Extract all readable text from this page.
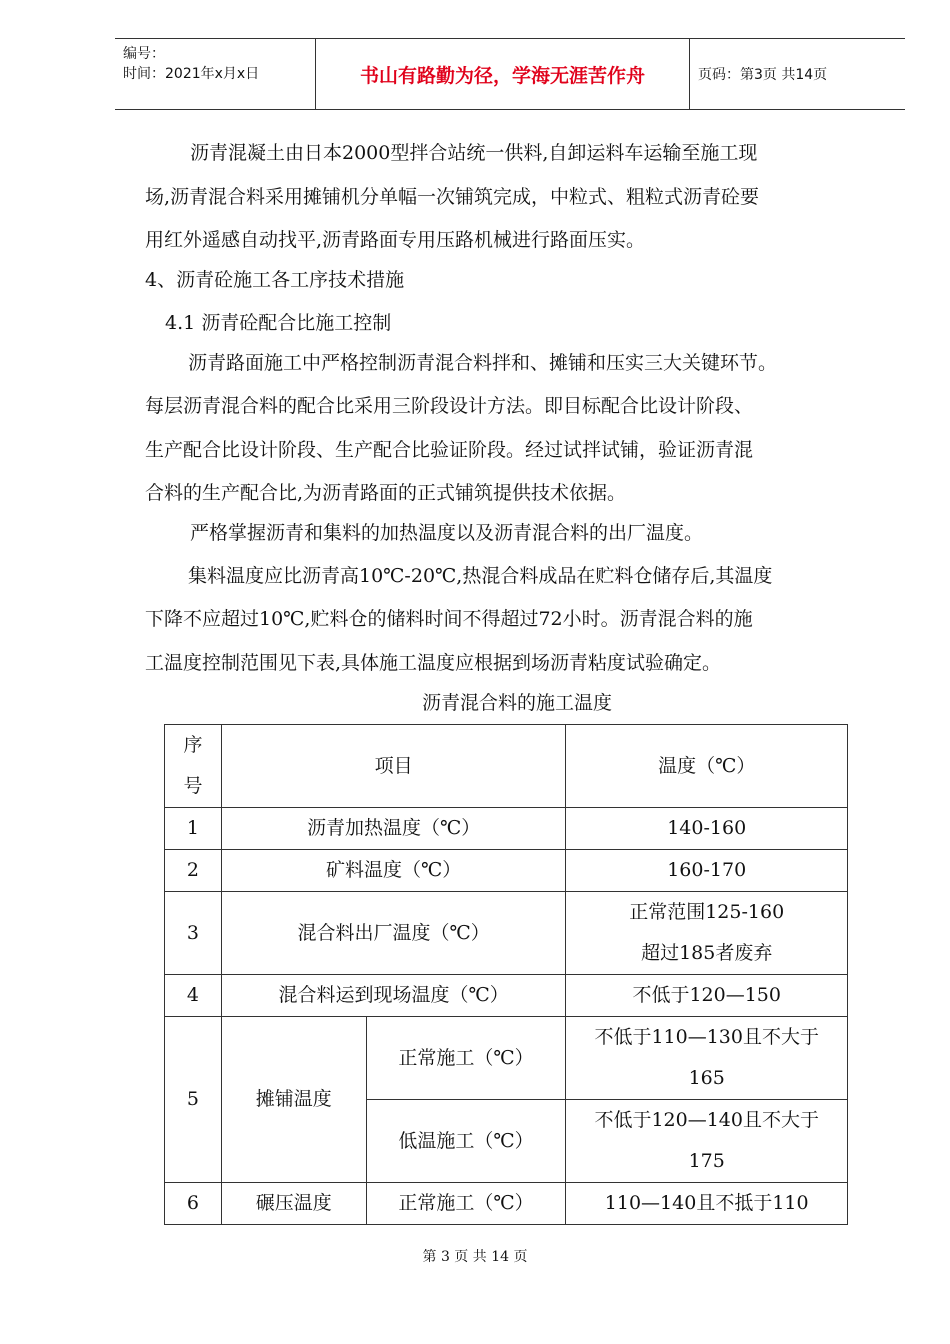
编号：
时间：2021年x月x日	书山有路勤为径，学海无涯苦作舟	页码：第3页 共14页
沥青混凝土由日本2000型拌合站统一供料,自卸运料车运输至施工现
场,沥青混合料采用摊铺机分单幅一次铺筑完成，中粒式、粗粒式沥青砼要
用红外遥感自动找平,沥青路面专用压路机械进行路面压实。
4、沥青砼施工各工序技术措施
4.1 沥青砼配合比施工控制
沥青路面施工中严格控制沥青混合料拌和、摊铺和压实三大关键环节。
每层沥青混合料的配合比采用三阶段设计方法。即目标配合比设计阶段、
生产配合比设计阶段、生产配合比验证阶段。经过试拌试铺，验证沥青混
合料的生产配合比,为沥青路面的正式铺筑提供技术依据。
严格掌握沥青和集料的加热温度以及沥青混合料的出厂温度。
集料温度应比沥青高10℃-20℃,热混合料成品在贮料仓储存后,其温度
下降不应超过10℃,贮料仓的储料时间不得超过72小时。沥青混合料的施
工温度控制范围见下表,具体施工温度应根据到场沥青粘度试验确定。
沥青混合料的施工温度
序
号	项目		温度（℃）
1	沥青加热温度（℃）		140-160
2	矿料温度（℃）		160-170
3	混合料出厂温度（℃）		正常范围125-160
超过185者废弃

4	混合料运到现场温度（℃）		不低于120—150
5	摊铺温度	正常施工（℃）	不低于110—130且不大于
165

		低温施工（℃）	不低于120—140且不大于
175

6	碾压温度	正常施工（℃）	110—140且不抵于110
第 3 页 共 14 页
